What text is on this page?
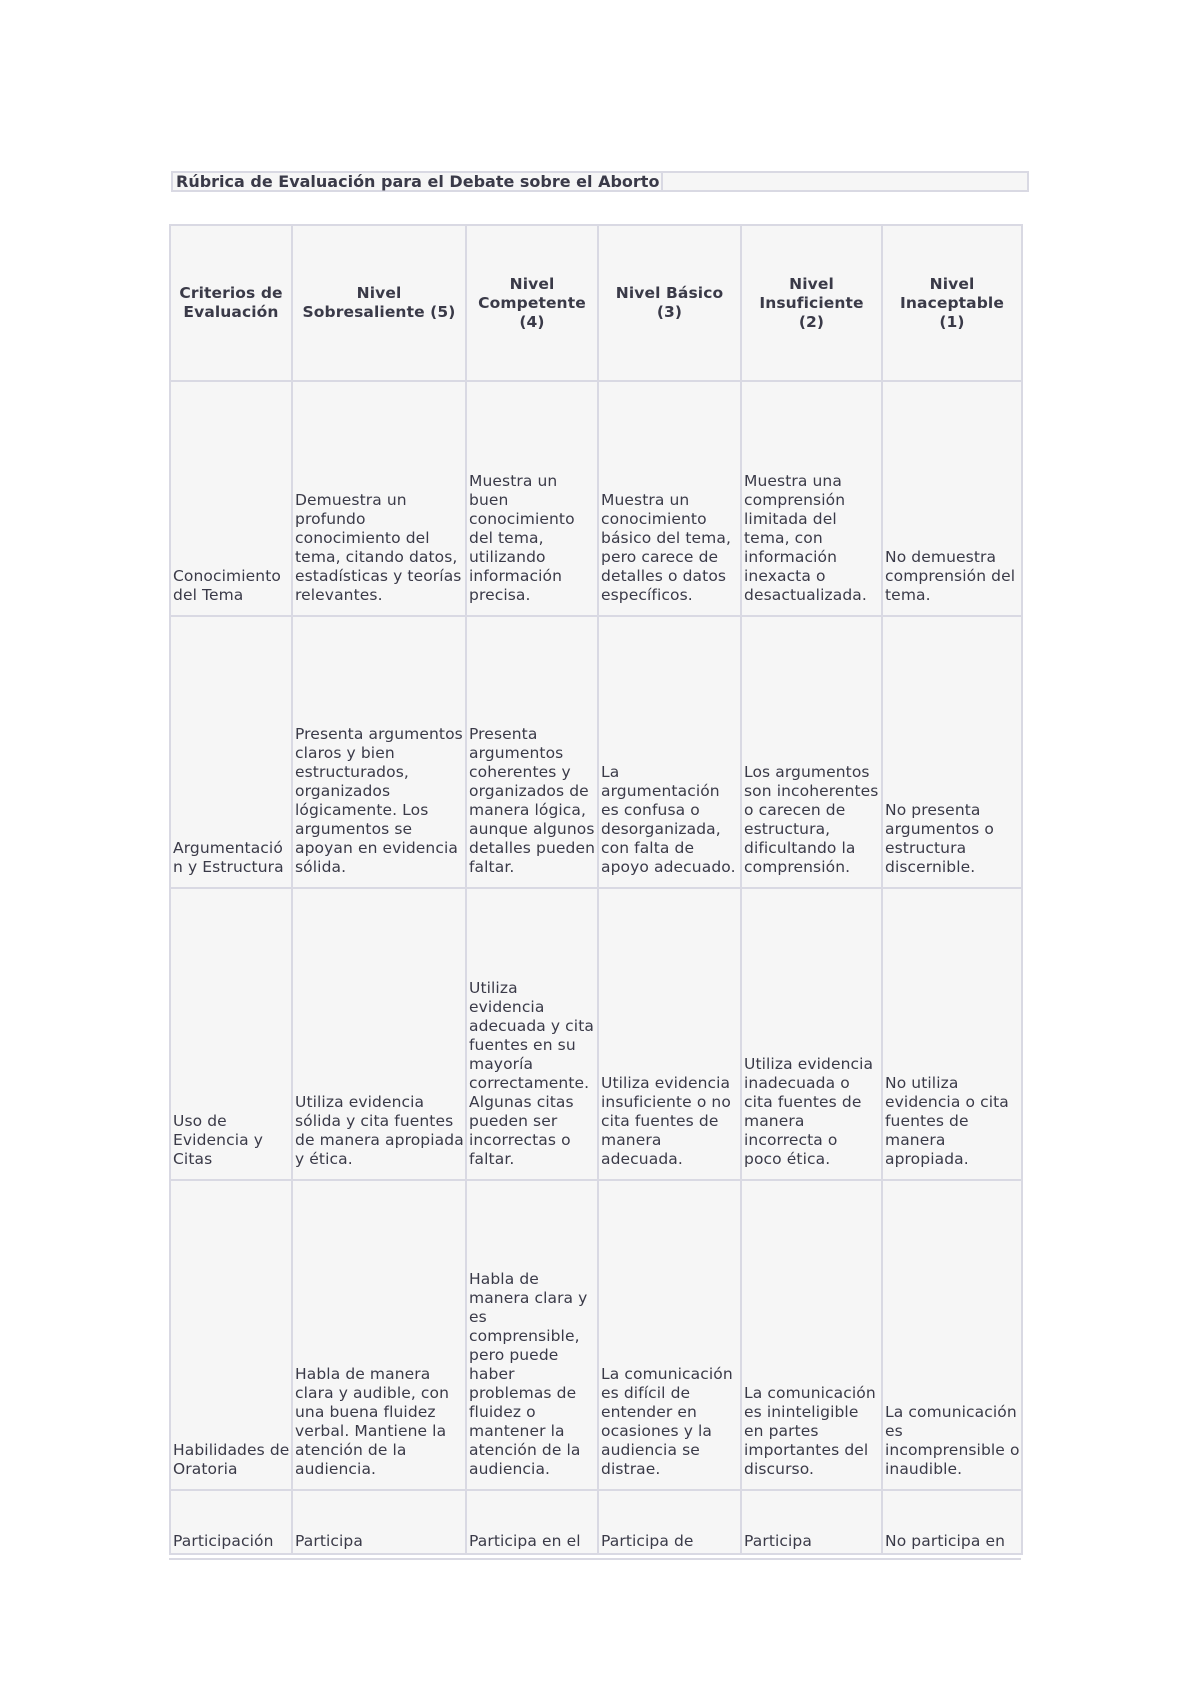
Rúbrica de Evaluación para el Debate sobre el Aborto
Criterios de Evaluación	Nivel Sobresaliente (5)	Nivel Competente (4)	Nivel Básico (3)	Nivel Insuficiente (2)	Nivel Inaceptable (1)
Conocimiento del Tema	Demuestra un profundo conocimiento del tema, citando datos, estadísticas y teorías relevantes.	Muestra un buen conocimiento del tema, utilizando información precisa.	Muestra un conocimiento básico del tema, pero carece de detalles o datos específicos.	Muestra una comprensión limitada del tema, con información inexacta o desactualizada.	No demuestra comprensión del tema.
Argumentación y Estructura	Presenta argumentos claros y bien estructurados, organizados lógicamente. Los argumentos se apoyan en evidencia sólida.	Presenta argumentos coherentes y organizados de manera lógica, aunque algunos detalles pueden faltar.	La argumentación es confusa o desorganizada, con falta de apoyo adecuado.	Los argumentos son incoherentes o carecen de estructura, dificultando la comprensión.	No presenta argumentos o estructura discernible.
Uso de Evidencia y Citas	Utiliza evidencia sólida y cita fuentes de manera apropiada y ética.	Utiliza evidencia adecuada y cita fuentes en su mayoría correctamente. Algunas citas pueden ser incorrectas o faltar.	Utiliza evidencia insuficiente o no cita fuentes de manera adecuada.	Utiliza evidencia inadecuada o cita fuentes de manera incorrecta o poco ética.	No utiliza evidencia o cita fuentes de manera apropiada.
Habilidades de Oratoria	Habla de manera clara y audible, con una buena fluidez verbal. Mantiene la atención de la audiencia.	Habla de manera clara y es comprensible, pero puede haber problemas de fluidez o mantener la atención de la audiencia.	La comunicación es difícil de entender en ocasiones y la audiencia se distrae.	La comunicación es ininteligible en partes importantes del discurso.	La comunicación es incomprensible o inaudible.
Participación	Participa	Participa en el	Participa de	Participa	No participa en
